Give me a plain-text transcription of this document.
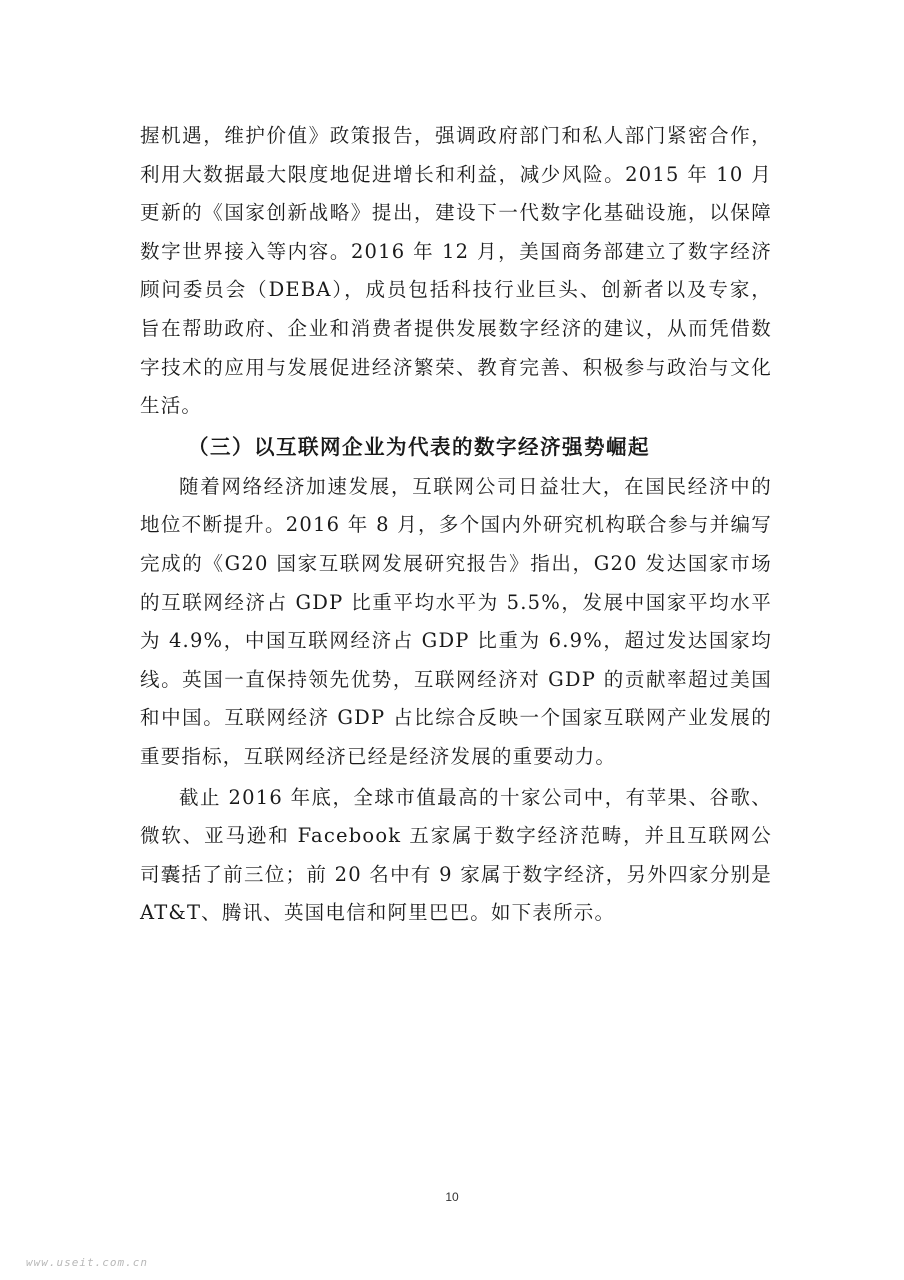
握机遇，维护价值》政策报告，强调政府部门和私人部门紧密合作，利用大数据最大限度地促进增长和利益，减少风险。2015 年 10 月更新的《国家创新战略》提出，建设下一代数字化基础设施，以保障数字世界接入等内容。2016 年 12 月，美国商务部建立了数字经济顾问委员会（DEBA），成员包括科技行业巨头、创新者以及专家，旨在帮助政府、企业和消费者提供发展数字经济的建议，从而凭借数字技术的应用与发展促进经济繁荣、教育完善、积极参与政治与文化生活。

（三）以互联网企业为代表的数字经济强势崛起

随着网络经济加速发展，互联网公司日益壮大，在国民经济中的地位不断提升。2016 年 8 月，多个国内外研究机构联合参与并编写完成的《G20 国家互联网发展研究报告》指出，G20 发达国家市场的互联网经济占 GDP 比重平均水平为 5.5%，发展中国家平均水平为 4.9%，中国互联网经济占 GDP 比重为 6.9%，超过发达国家均线。英国一直保持领先优势，互联网经济对 GDP 的贡献率超过美国和中国。互联网经济 GDP 占比综合反映一个国家互联网产业发展的重要指标，互联网经济已经是经济发展的重要动力。

截止 2016 年底，全球市值最高的十家公司中，有苹果、谷歌、微软、亚马逊和 Facebook 五家属于数字经济范畴，并且互联网公司囊括了前三位；前 20 名中有 9 家属于数字经济，另外四家分别是 AT&T、腾讯、英国电信和阿里巴巴。如下表所示。

10
www.useit.com.cn
